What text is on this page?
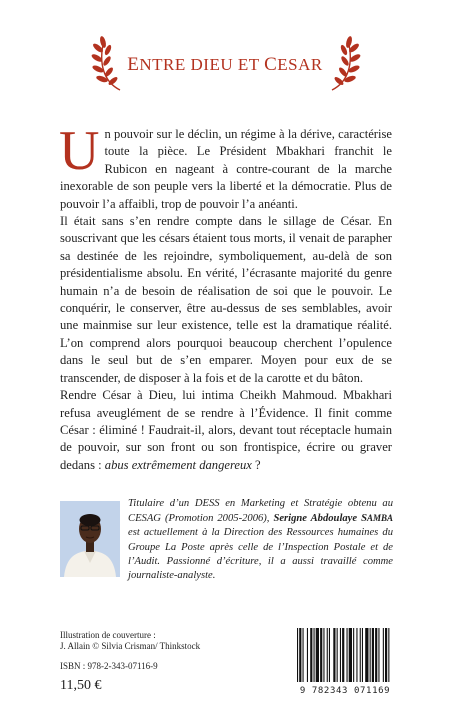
ENTRE DIEU ET CESAR

Un pouvoir sur le déclin, un régime à la dérive, caractérise toute la pièce. Le Président Mbakhari franchit le Rubicon en nageant à contre-courant de la marche inexorable de son peuple vers la liberté et la démocratie. Plus de pouvoir l’a affaibli, trop de pouvoir l’a anéanti.

Il était sans s’en rendre compte dans le sillage de César. En souscrivant que les césars étaient tous morts, il venait de parapher sa destinée de les rejoindre, symboliquement, au-delà de son présidentialisme absolu. En vérité, l’écrasante majorité du genre humain n’a de besoin de réalisation de soi que le pouvoir. Le conquérir, le conserver, être au-dessus de ses semblables, avoir une mainmise sur leur existence, telle est la dramatique réalité. L’on comprend alors pourquoi beaucoup cherchent l’opulence dans le seul but de s’en emparer. Moyen pour eux de se transcender, de disposer à la fois et de la carotte et du bâton.

Rendre César à Dieu, lui intima Cheikh Mahmoud. Mbakhari refusa aveuglément de se rendre à l’Évidence. Il finit comme César : éliminé ! Faudrait-il, alors, devant tout réceptacle humain de pouvoir, sur son front ou son frontispice, écrire ou graver dedans : abus extrêmement dangereux ?

Titulaire d’un DESS en Marketing et Stratégie obtenu au CESAG (Promotion 2005-2006), Serigne Abdoulaye SAMBA est actuellement à la Direction des Ressources humaines du Groupe La Poste après celle de l’Inspection Postale et de l’Audit. Passionné d’écriture, il a aussi travaillé comme journaliste-analyste.
Illustration de couverture :
J. Allain © Silvia Crisman/ Thinkstock
ISBN : 978-2-343-07116-9
11,50 €	9 782343 071169
